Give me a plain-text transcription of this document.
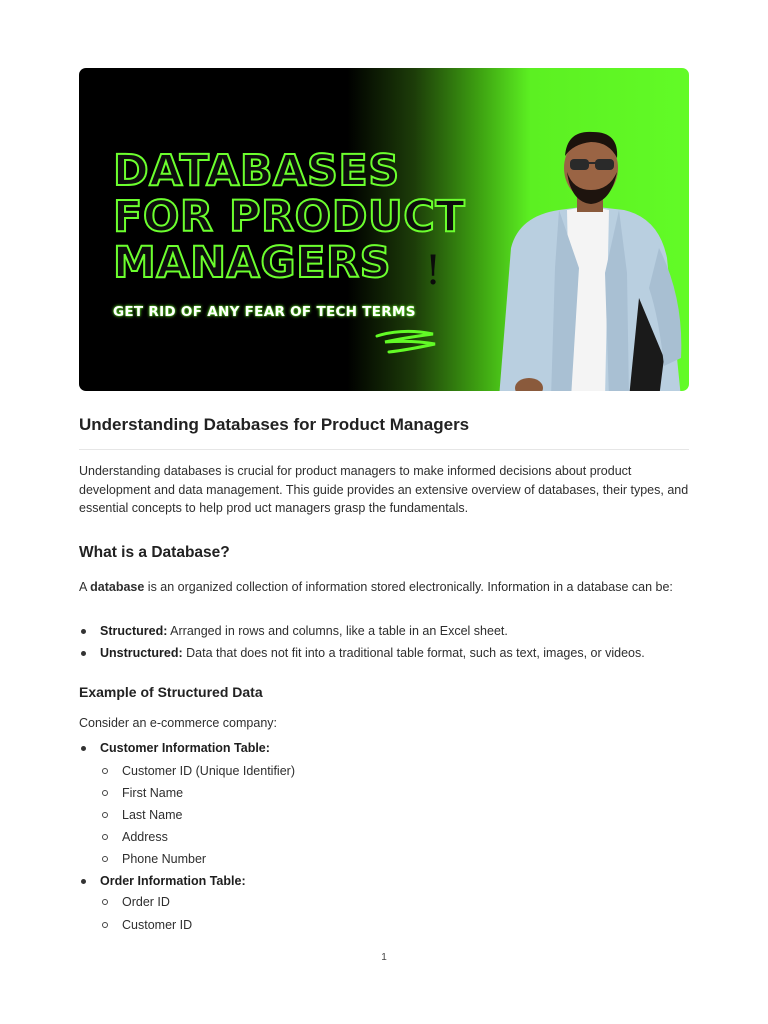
DATABASES
FOR PRODUCT
MANAGERS !
GET RID OF ANY FEAR OF TECH TERMS
Understanding Databases for Product Managers

Understanding databases is crucial for product managers to make informed decisions about product development and data management. This guide provides an extensive overview of databases, their types, and essential concepts to help prod uct managers grasp the fundamentals.

What is a Database?

A database is an organized collection of information stored electronically. Information in a database can be:

Structured: Arranged in rows and columns, like a table in an Excel sheet.

Unstructured: Data that does not fit into a traditional table format, such as text, images, or videos.

Example of Structured Data

Consider an e-commerce company:

Customer Information Table:

Customer ID (Unique Identifier)

First Name

Last Name

Address

Phone Number

Order Information Table:

Order ID

Customer ID

1
